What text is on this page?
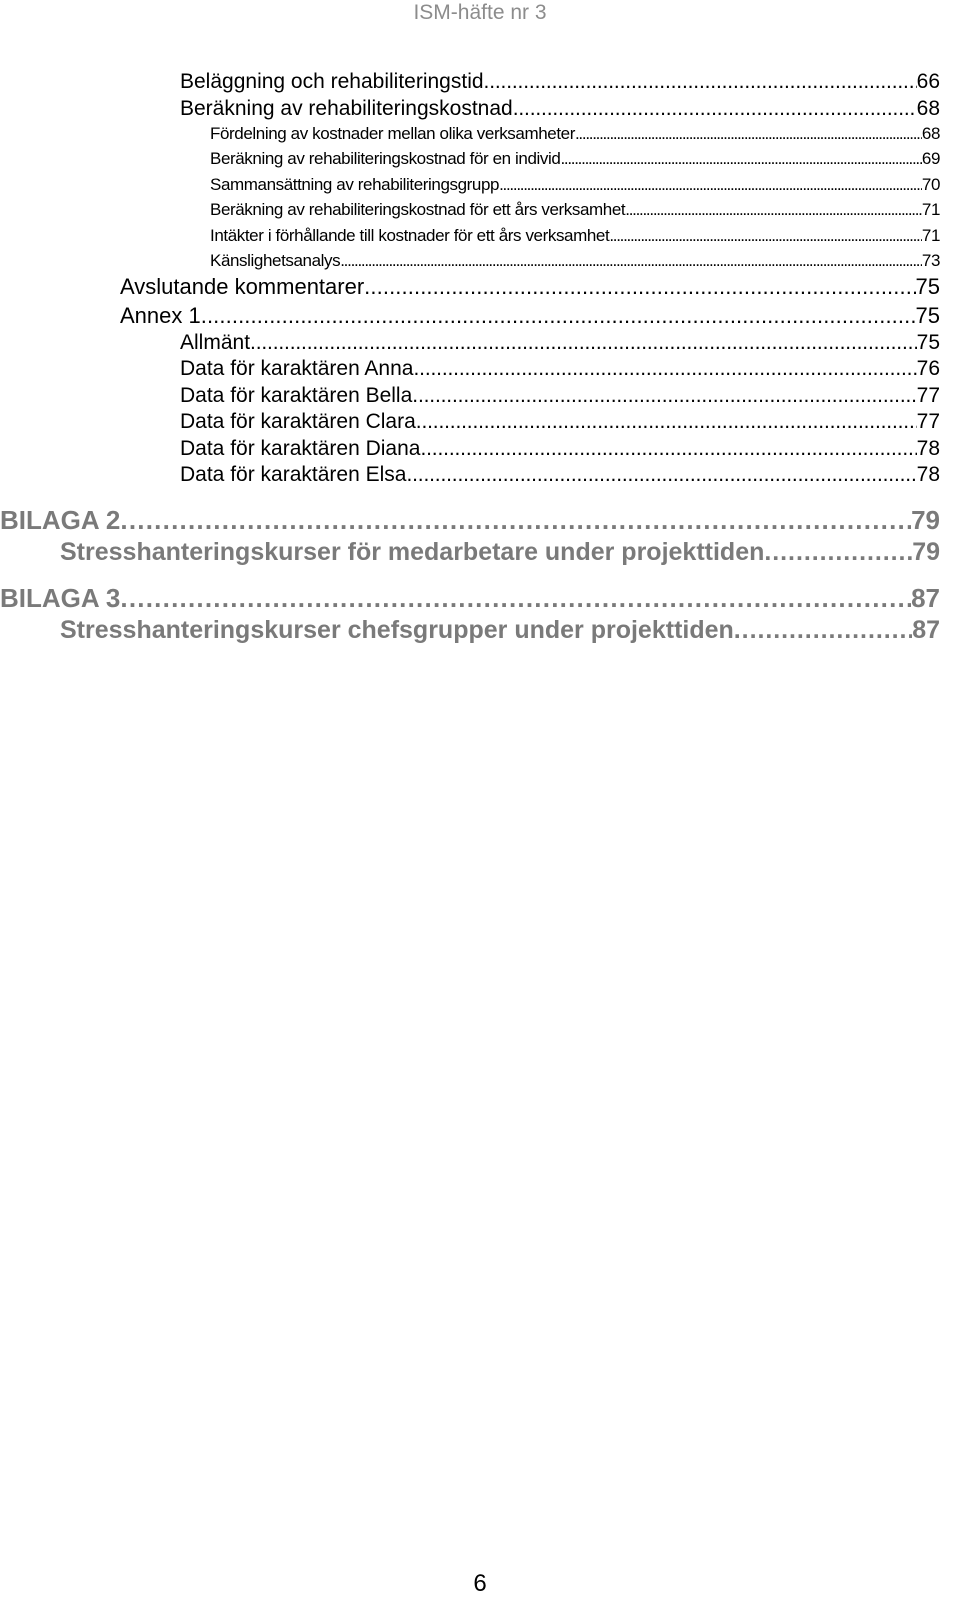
ISM-häfte nr 3
Beläggning och rehabiliteringstid . . .	66
Beräkning av rehabiliteringskostnad . . .	68
Fördelning av kostnader mellan olika verksamheter . . .	68
Beräkning av rehabiliteringskostnad för en individ . . .	69
Sammansättning av rehabiliteringsgrupp . . .	70
Beräkning av rehabiliteringskostnad för ett års verksamhet . . .	71
Intäkter i förhållande till kostnader för ett års verksamhet . . .	71
Känslighetsanalys . . .	73
Avslutande kommentarer . . .	75
Annex 1 . . .	75
Allmänt . . .	75
Data för karaktären Anna . . .	76
Data för karaktären Bella . . .	77
Data för karaktären Clara . . .	77
Data för karaktären Diana . . .	78
Data för karaktären Elsa . . .	78
BILAGA 2 . . .	79
Stresshanteringskurser för medarbetare under projekttiden . . .	79
BILAGA 3 . . .	87
Stresshanteringskurser chefsgrupper under projekttiden . . .	87
6
